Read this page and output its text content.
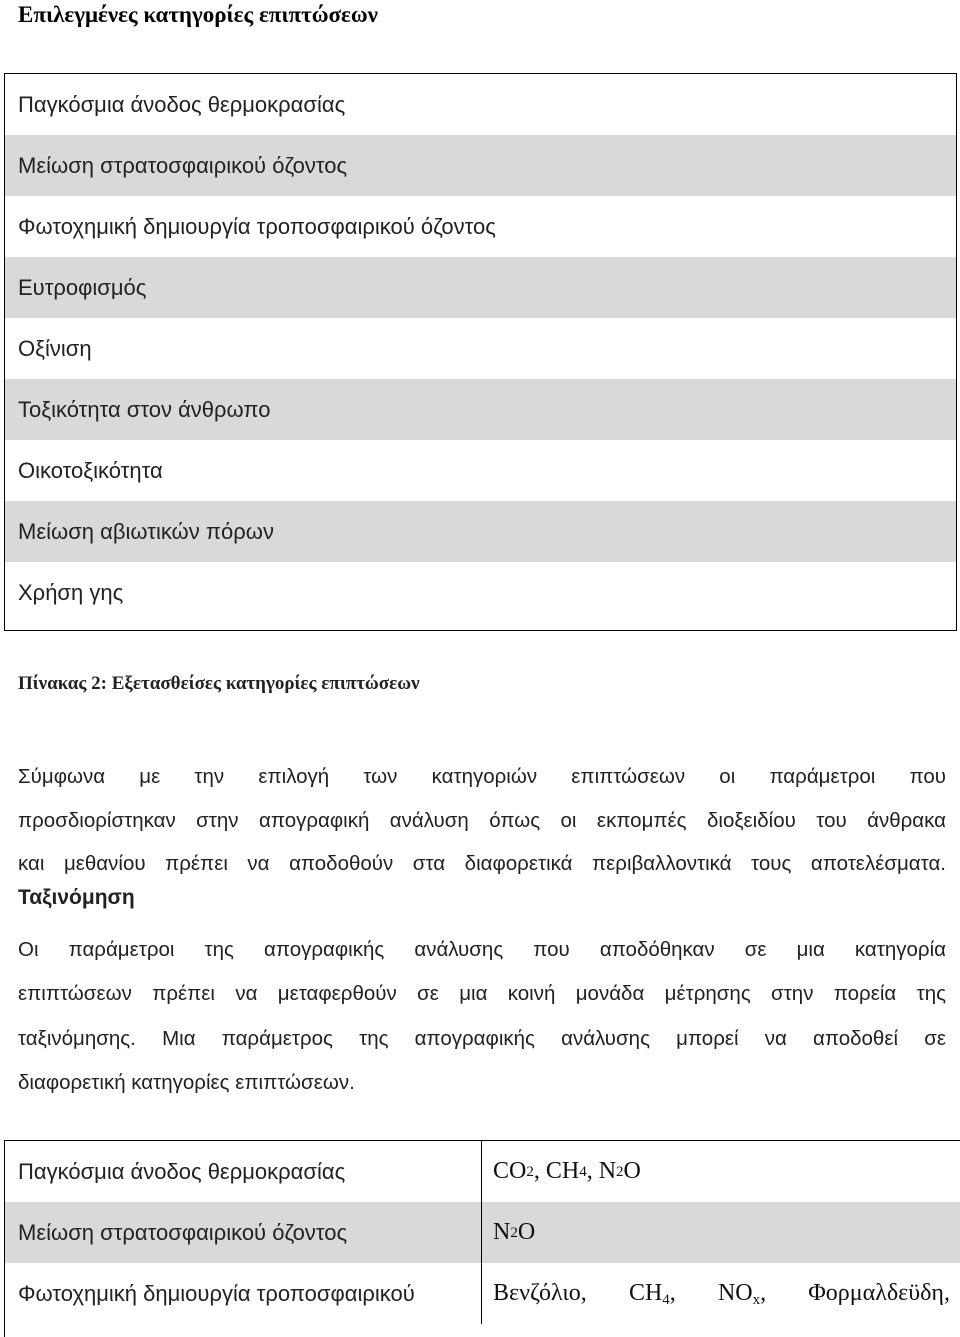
Επιλεγμένες κατηγορίες επιπτώσεων
Παγκόσμια άνοδος θερμοκρασίας
Μείωση στρατοσφαιρικού όζοντος
Φωτοχημική δημιουργία τροποσφαιρικού όζοντος
Ευτροφισμός
Οξίνιση
Τοξικότητα στον άνθρωπο
Οικοτοξικότητα
Μείωση αβιωτικών πόρων
Χρήση γης
Πίνακας 2: Εξετασθείσες κατηγορίες επιπτώσεων
Σύμφωνα με την επιλογή των κατηγοριών επιπτώσεων οι παράμετροι που
προσδιορίστηκαν στην απογραφική ανάλυση όπως οι εκπομπές διοξειδίου του άνθρακα
και μεθανίου πρέπει να αποδοθούν στα διαφορετικά περιβαλλοντικά τους αποτελέσματα.
Ταξινόμηση
Οι παράμετροι της απογραφικής ανάλυσης που αποδόθηκαν σε μια κατηγορία
επιπτώσεων πρέπει να μεταφερθούν σε μια κοινή μονάδα μέτρησης στην πορεία της
ταξινόμησης. Μια παράμετρος της απογραφικής ανάλυσης μπορεί να αποδοθεί σε
διαφορετική κατηγορίες επιπτώσεων.
Παγκόσμια άνοδος θερμοκρασίας	CO 2 , CH 4 , N 2 O
Μείωση στρατοσφαιρικού όζοντος	N 2 O
Φωτοχημική δημιουργία τροποσφαιρικού	Βενζόλιο, $CH_4$, $NO_x$, Φορμαλδεϋδη,
